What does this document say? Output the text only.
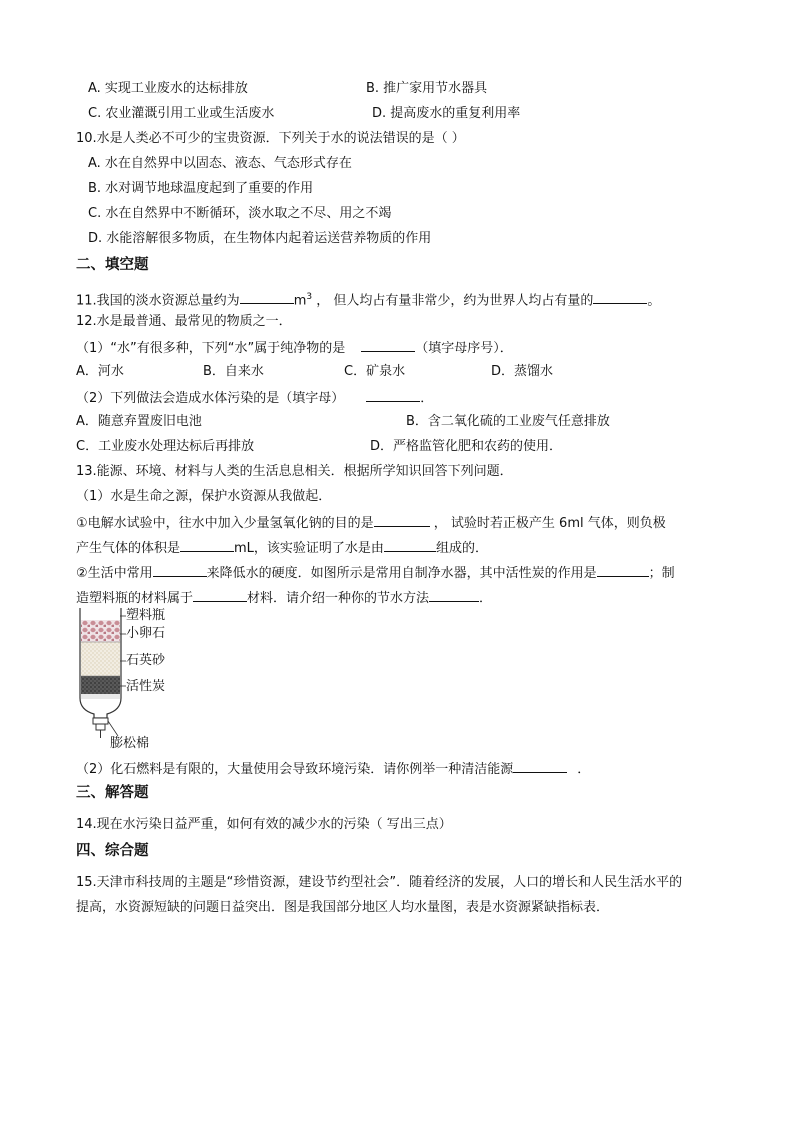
A. 实现工业废水的达标排放	B. 推广家用节水器具
C. 农业灌溉引用工业或生活废水	D. 提高废水的重复利用率
10.水是人类必不可少的宝贵资源．下列关于水的说法错误的是（ ）
A. 水在自然界中以固态、液态、气态形式存在
B. 水对调节地球温度起到了重要的作用
C. 水在自然界中不断循环，淡水取之不尽、用之不竭
D. 水能溶解很多物质，在生物体内起着运送营养物质的作用
二、填空题
11.我国的淡水资源总量约为	$m^3$ ， 但人均占有量非常少，约为世界人均占有量的	。
12.水是最普通、最常见的物质之一．
（1）“水”有很多种，下列“水”属于纯净物的是	（填字母序号）．
A．河水	B．自来水	C．矿泉水	D．蒸馏水
（2）下列做法会造成水体污染的是（填字母）	．
A．随意弃置废旧电池	B．含二氧化硫的工业废气任意排放
C．工业废水处理达标后再排放	D．严格监管化肥和农药的使用．
13.能源、环境、材料与人类的生活息息相关．根据所学知识回答下列问题．
（1）水是生命之源，保护水资源从我做起．
①电解水试验中，往水中加入少量氢氧化钠的目的是	， 试验时若正极产生 6ml 气体，则负极
产生气体的体积是	mL，该实验证明了水是由	组成的．
②生活中常用	来降低水的硬度．如图所示是常用自制净水器，其中活性炭的作用是	；制
造塑料瓶的材料属于	材料．请介绍一种你的节水方法	．
塑料瓶
小卵石
石英砂
活性炭
膨松棉
（2）化石燃料是有限的，大量使用会导致环境污染．请你例举一种清洁能源	．
三、解答题
14.现在水污染日益严重，如何有效的减少水的污染（ 写出三点）
四、综合题
15.天津市科技周的主题是“珍惜资源，建设节约型社会”．随着经济的发展，人口的增长和人民生活水平的
提高，水资源短缺的问题日益突出．图是我国部分地区人均水量图，表是水资源紧缺指标表．
